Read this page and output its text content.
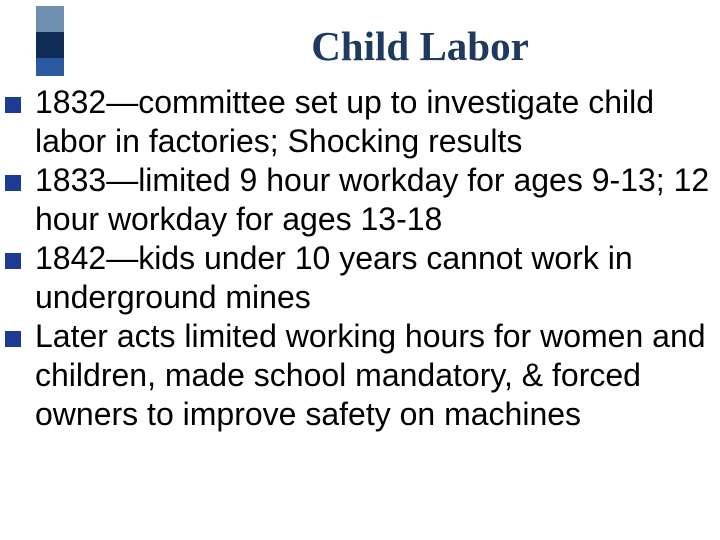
Child Labor
1832—committee set up to investigate child labor in factories; Shocking results
1833—limited 9 hour workday for ages 9-13; 12 hour workday for ages 13-18
1842—kids under 10 years cannot work in underground mines
Later acts limited working hours for women and children, made school mandatory, & forced owners to improve safety on machines
